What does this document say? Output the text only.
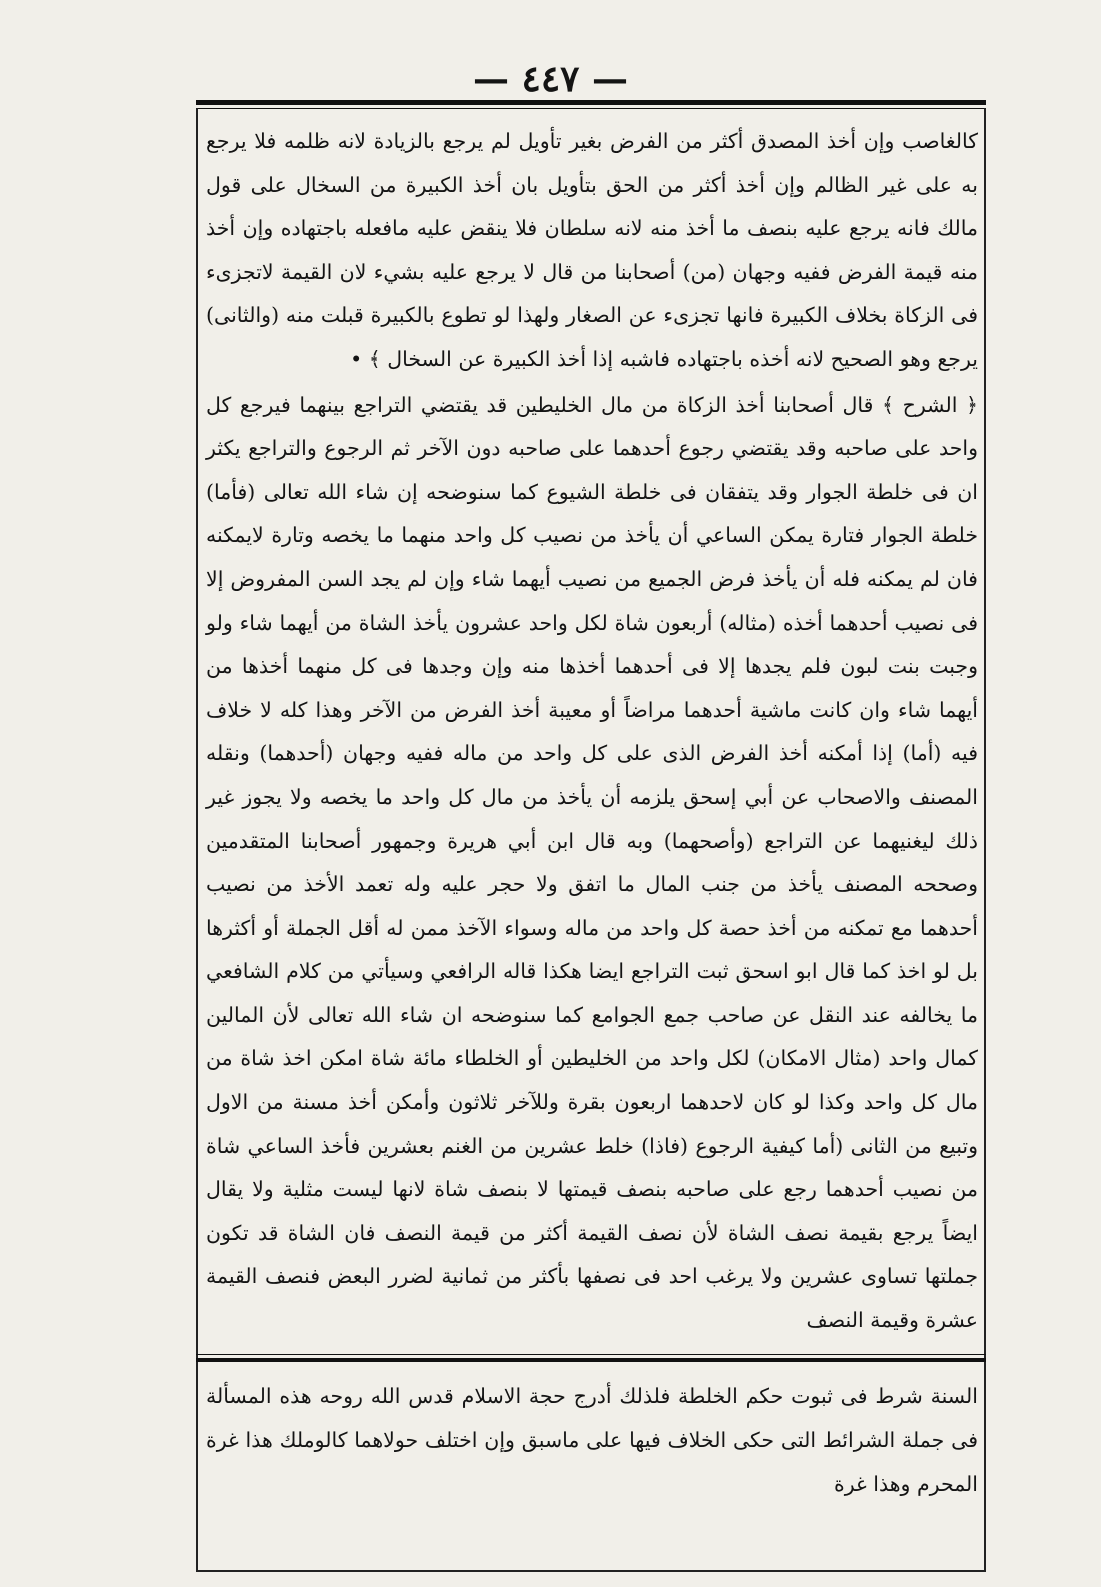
— ٤٤٧ —

كالغاصب وإن أخذ المصدق أكثر من الفرض بغير تأويل لم يرجع بالزيادة لانه ظلمه فلا يرجع به على غير الظالم وإن أخذ أكثر من الحق بتأويل بان أخذ الكبيرة من السخال على قول مالك فانه يرجع عليه بنصف ما أخذ منه لانه سلطان فلا ينقض عليه مافعله باجتهاده وإن أخذ منه قيمة الفرض ففيه وجهان (من) أصحابنا من قال لا يرجع عليه بشيء لان القيمة لاتجزىء فى الزكاة بخلاف الكبيرة فانها تجزىء عن الصغار ولهذا لو تطوع بالكبيرة قبلت منه (والثانى) يرجع وهو الصحيح لانه أخذه باجتهاده فاشبه إذا أخذ الكبيرة عن السخال ﴾ •

﴿ الشرح ﴾ قال أصحابنا أخذ الزكاة من مال الخليطين قد يقتضي التراجع بينهما فيرجع كل واحد على صاحبه وقد يقتضي رجوع أحدهما على صاحبه دون الآخر ثم الرجوع والتراجع يكثر ان فى خلطة الجوار وقد يتفقان فى خلطة الشيوع كما سنوضحه إن شاء الله تعالى (فأما) خلطة الجوار فتارة يمكن الساعي أن يأخذ من نصيب كل واحد منهما ما يخصه وتارة لايمكنه فان لم يمكنه فله أن يأخذ فرض الجميع من نصيب أيهما شاء وإن لم يجد السن المفروض إلا فى نصيب أحدهما أخذه (مثاله) أربعون شاة لكل واحد عشرون يأخذ الشاة من أيهما شاء ولو وجبت بنت لبون فلم يجدها إلا فى أحدهما أخذها منه وإن وجدها فى كل منهما أخذها من أيهما شاء وان كانت ماشية أحدهما مراضاً أو معيبة أخذ الفرض من الآخر وهذا كله لا خلاف فيه (أما) إذا أمكنه أخذ الفرض الذى على كل واحد من ماله ففيه وجهان (أحدهما) ونقله المصنف والاصحاب عن أبي إسحق يلزمه أن يأخذ من مال كل واحد ما يخصه ولا يجوز غير ذلك ليغنيهما عن التراجع (وأصحهما) وبه قال ابن أبي هريرة وجمهور أصحابنا المتقدمين وصححه المصنف يأخذ من جنب المال ما اتفق ولا حجر عليه وله تعمد الأخذ من نصيب أحدهما مع تمكنه من أخذ حصة كل واحد من ماله وسواء الآخذ ممن له أقل الجملة أو أكثرها بل لو اخذ كما قال ابو اسحق ثبت التراجع ايضا هكذا قاله الرافعي وسيأتي من كلام الشافعي ما يخالفه عند النقل عن صاحب جمع الجوامع كما سنوضحه ان شاء الله تعالى لأن المالين كمال واحد (مثال الامكان) لكل واحد من الخليطين أو الخلطاء مائة شاة امكن اخذ شاة من مال كل واحد وكذا لو كان لاحدهما اربعون بقرة وللآخر ثلاثون وأمكن أخذ مسنة من الاول وتبيع من الثانى (أما كيفية الرجوع (فاذا) خلط عشرين من الغنم بعشرين فأخذ الساعي شاة من نصيب أحدهما رجع على صاحبه بنصف قيمتها لا بنصف شاة لانها ليست مثلية ولا يقال ايضاً يرجع بقيمة نصف الشاة لأن نصف القيمة أكثر من قيمة النصف فان الشاة قد تكون جملتها تساوى عشرين ولا يرغب احد فى نصفها بأكثر من ثمانية لضرر البعض فنصف القيمة عشرة وقيمة النصف

السنة شرط فى ثبوت حكم الخلطة فلذلك أدرج حجة الاسلام قدس الله روحه هذه المسألة فى جملة الشرائط التى حكى الخلاف فيها على ماسبق وإن اختلف حولاهما كالوملك هذا غرة المحرم وهذا غرة
